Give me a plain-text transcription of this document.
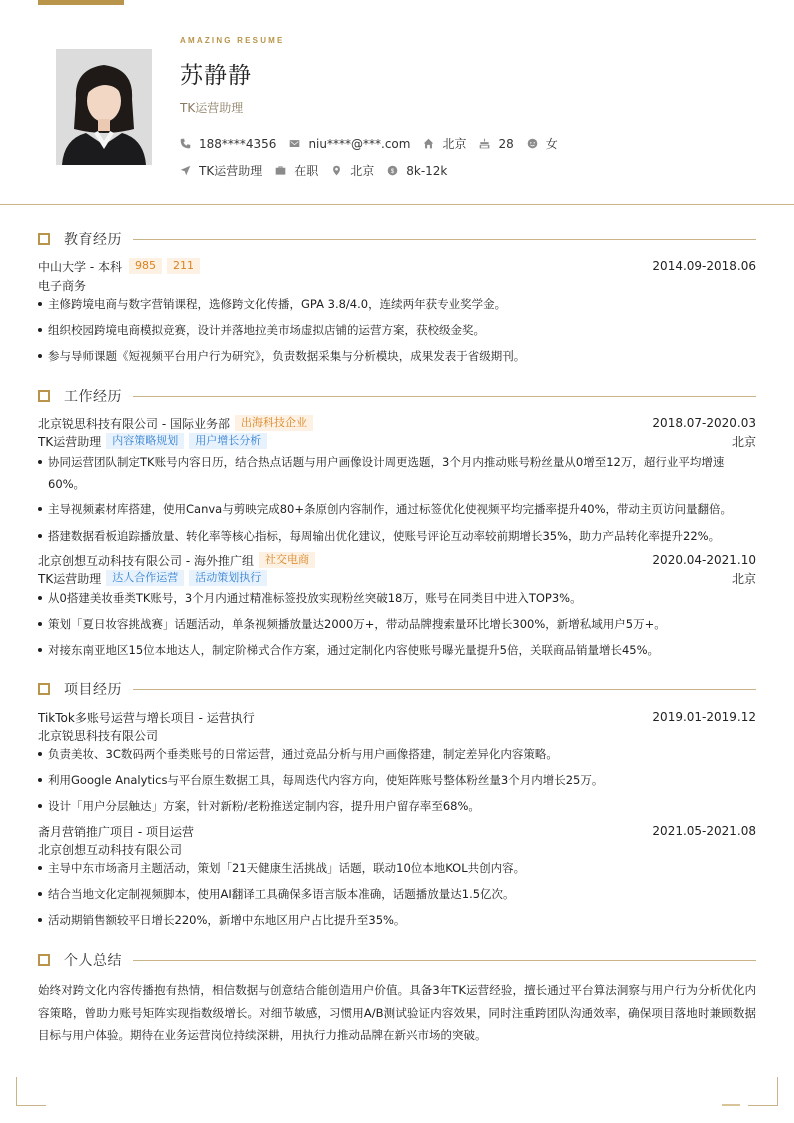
AMAZING RESUME
苏静静
TK运营助理
188****4356	niu****@***.com	北京	28	女
TK运营助理	在职	北京 $ 8k-12k
教育经历
中山大学 - 本科	985	211	2014.09-2018.06
电子商务
主修跨境电商与数字营销课程，选修跨文化传播，GPA 3.8/4.0，连续两年获专业奖学金。
组织校园跨境电商模拟竞赛，设计并落地拉美市场虚拟店铺的运营方案，获校级金奖。
参与导师课题《短视频平台用户行为研究》，负责数据采集与分析模块，成果发表于省级期刊。
工作经历
北京锐思科技有限公司 - 国际业务部	出海科技企业	2018.07-2020.03
TK运营助理	内容策略规划	用户增长分析	北京
协同运营团队制定TK账号内容日历，结合热点话题与用户画像设计周更选题，3个月内推动账号粉丝量从0增至12万，超行业平均增速
60%。
主导视频素材库搭建，使用Canva与剪映完成80+条原创内容制作，通过标签优化使视频平均完播率提升40%，带动主页访问量翻倍。
搭建数据看板追踪播放量、转化率等核心指标，每周输出优化建议，使账号评论互动率较前期增长35%，助力产品转化率提升22%。
北京创想互动科技有限公司 - 海外推广组	社交电商	2020.04-2021.10
TK运营助理	达人合作运营	活动策划执行	北京
从0搭建美妆垂类TK账号，3个月内通过精准标签投放实现粉丝突破18万，账号在同类目中进入TOP3%。
策划「夏日妆容挑战赛」话题活动，单条视频播放量达2000万+，带动品牌搜索量环比增长300%，新增私域用户5万+。
对接东南亚地区15位本地达人，制定阶梯式合作方案，通过定制化内容使账号曝光量提升5倍，关联商品销量增长45%。
项目经历
TikTok多账号运营与增长项目 - 运营执行	2019.01-2019.12
北京锐思科技有限公司
负责美妆、3C数码两个垂类账号的日常运营，通过竞品分析与用户画像搭建，制定差异化内容策略。
利用Google Analytics与平台原生数据工具，每周迭代内容方向，使矩阵账号整体粉丝量3个月内增长25万。
设计「用户分层触达」方案，针对新粉/老粉推送定制内容，提升用户留存率至68%。
斋月营销推广项目 - 项目运营	2021.05-2021.08
北京创想互动科技有限公司
主导中东市场斋月主题活动，策划「21天健康生活挑战」话题，联动10位本地KOL共创内容。
结合当地文化定制视频脚本，使用AI翻译工具确保多语言版本准确，话题播放量达1.5亿次。
活动期销售额较平日增长220%，新增中东地区用户占比提升至35%。
个人总结
始终对跨文化内容传播抱有热情，相信数据与创意结合能创造用户价值。具备3年TK运营经验，擅长通过平台算法洞察与用户行为分析优化内容策略，曾助力账号矩阵实现指数级增长。对细节敏感，习惯用A/B测试验证内容效果，同时注重跨团队沟通效率，确保项目落地时兼顾数据目标与用户体验。期待在业务运营岗位持续深耕，用执行力推动品牌在新兴市场的突破。
